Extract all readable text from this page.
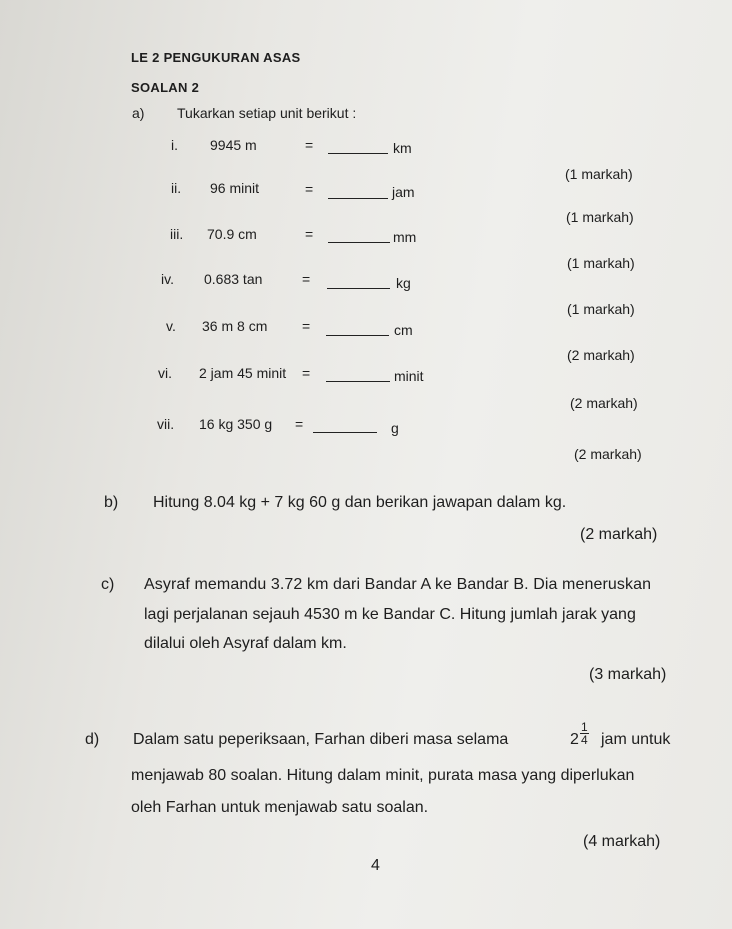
LE 2 PENGUKURAN ASAS
SOALAN 2
a) Tukarkan setiap unit berikut :
i. 9945 m	=	km
(1 markah)
ii. 96 minit	=	jam
(1 markah)
iii. 70.9 cm	=	mm
(1 markah)
iv. 0.683 tan	=	kg
(1 markah)
v. 36 m 8 cm =	cm
(2 markah)
vi. 2 jam 45 minit =	minit
(2 markah)
vii. 16 kg 350 g =	g
(2 markah)
b) Hitung 8.04 kg + 7 kg 60 g dan berikan jawapan dalam kg.
(2 markah)
c) Asyraf memandu 3.72 km dari Bandar A ke Bandar B. Dia meneruskan
lagi perjalanan sejauh 4530 m ke Bandar C. Hitung jumlah jarak yang
dilalui oleh Asyraf dalam km.
(3 markah)
d) Dalam satu peperiksaan, Farhan diberi masa selama	$2 \frac{1}{4}$ jam untuk
menjawab 80 soalan. Hitung dalam minit, purata masa yang diperlukan
oleh Farhan untuk menjawab satu soalan.
(4 markah)
4
